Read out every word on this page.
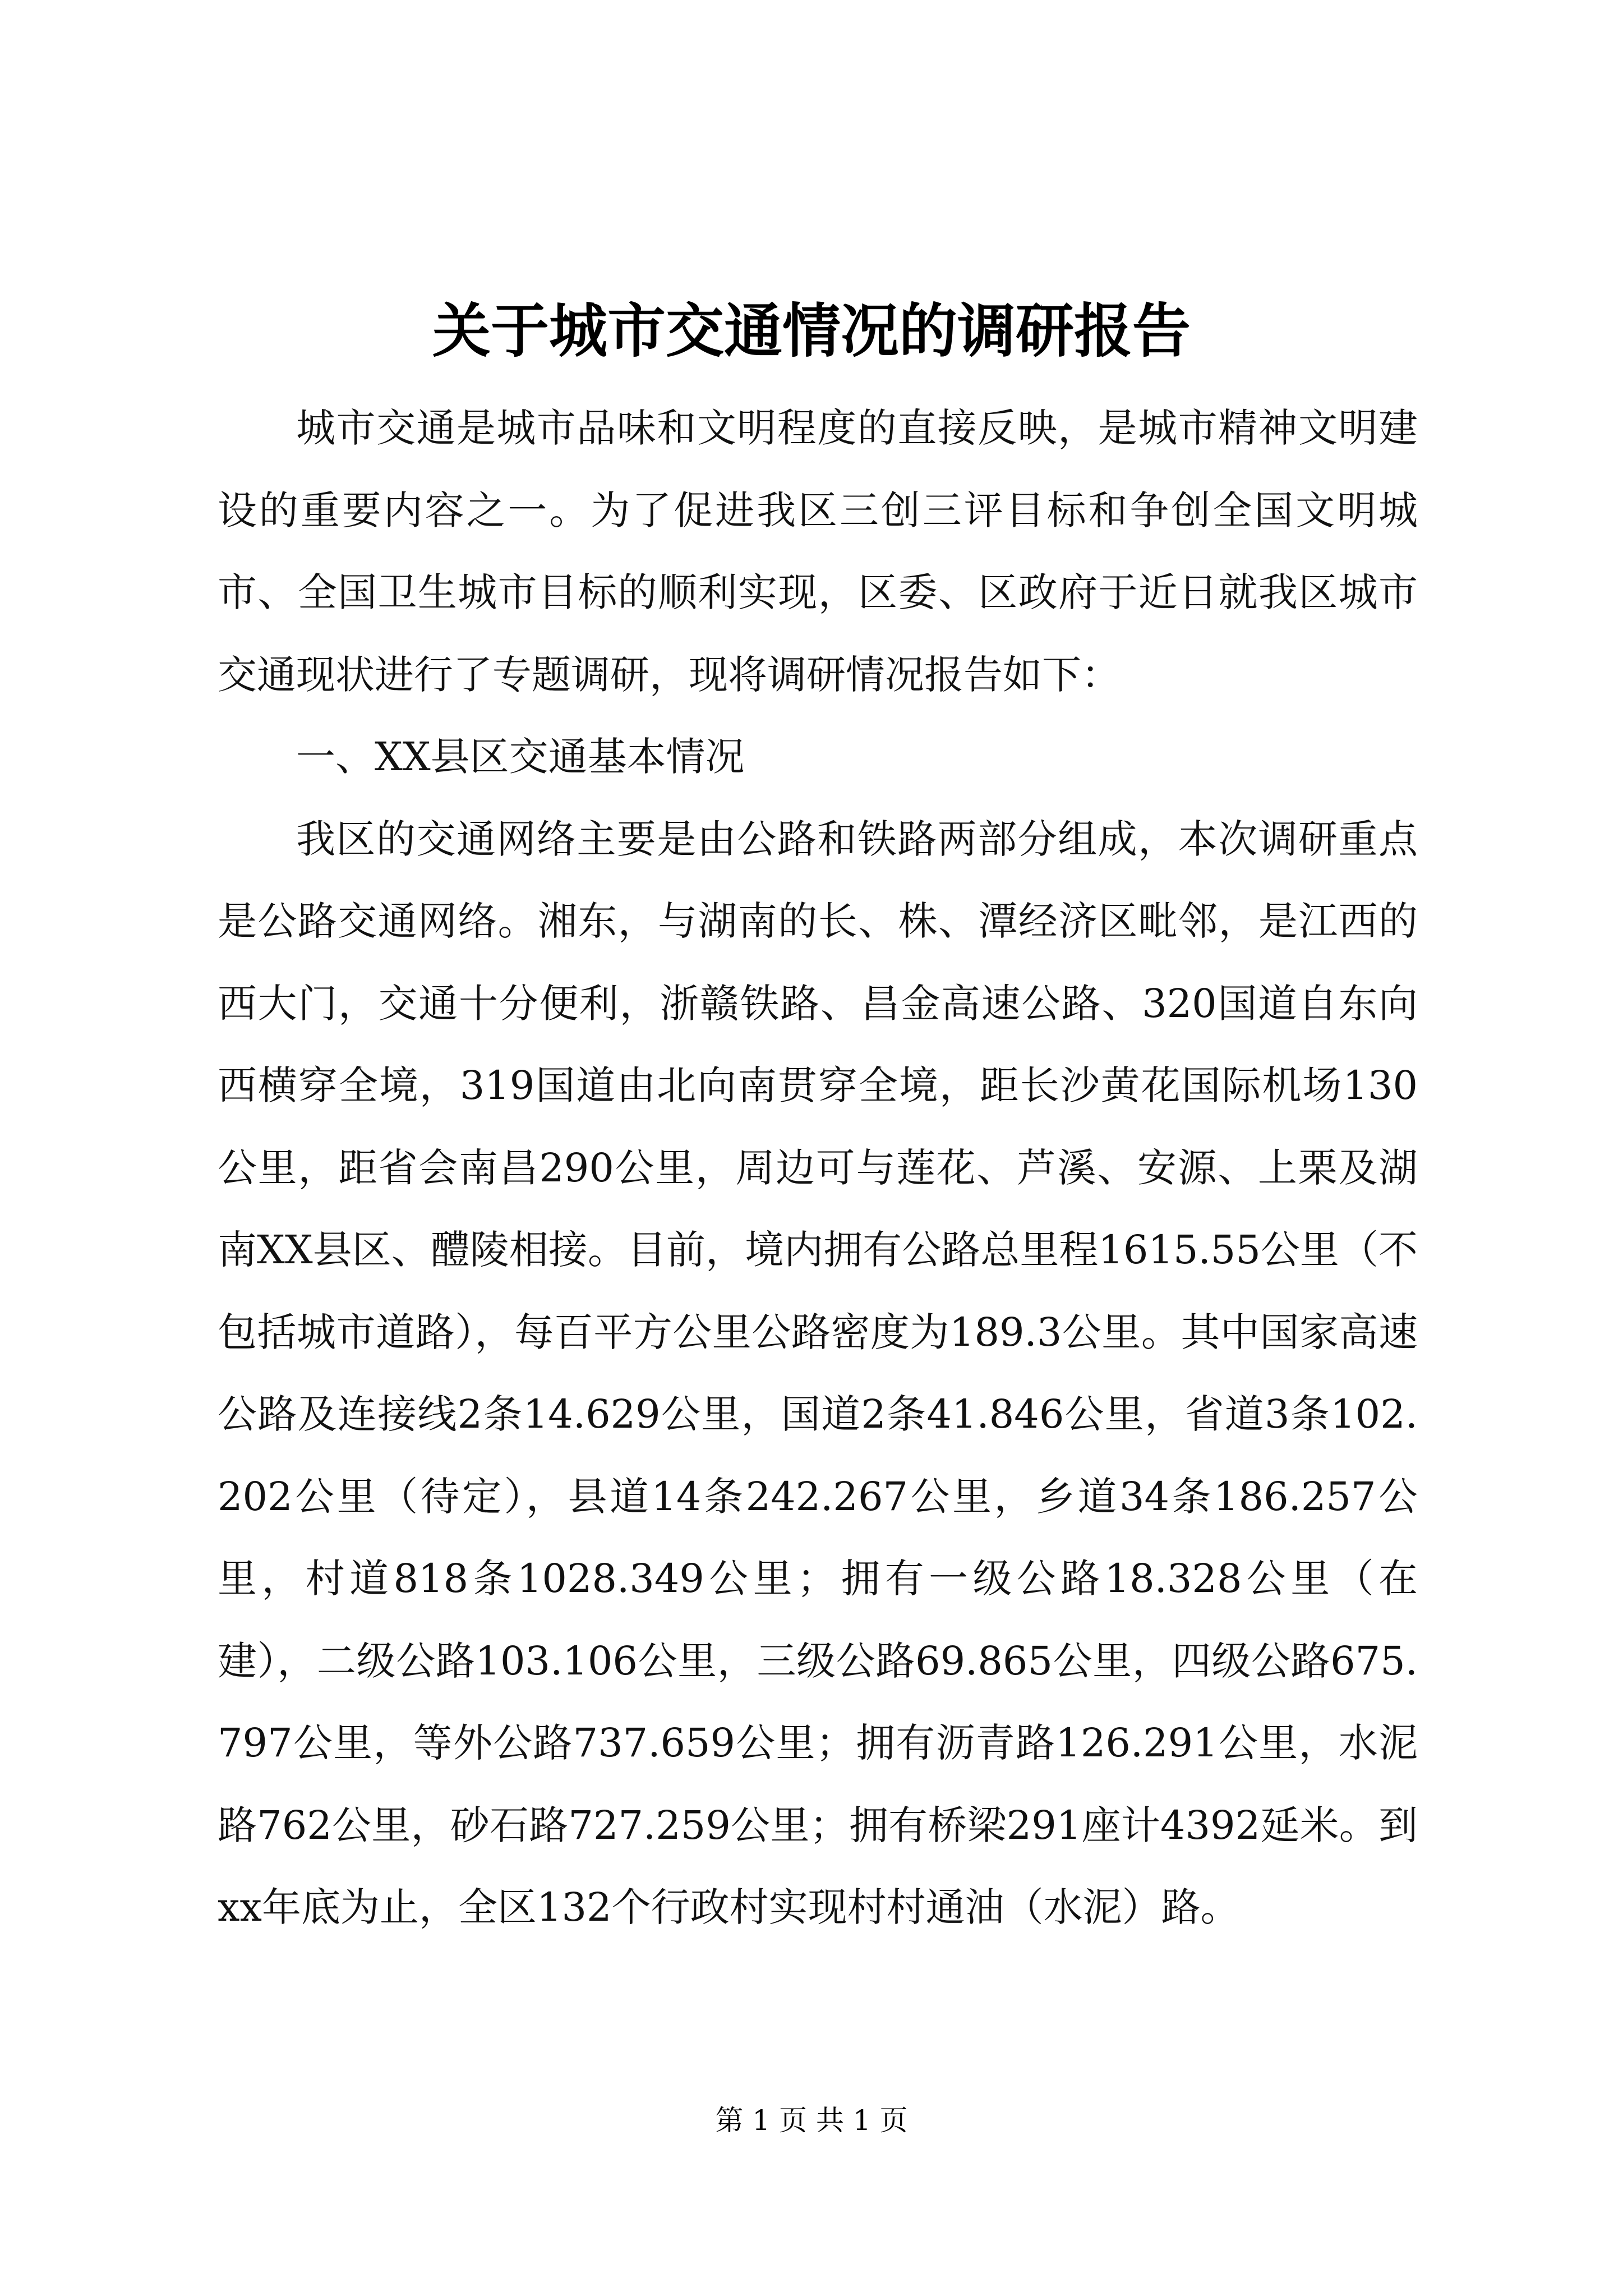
关于城市交通情况的调研报告

城市交通是城市品味和文明程度的直接反映，是城市精神文明建设的重要内容之一。为了促进我区三创三评目标和争创全国文明城市、全国卫生城市目标的顺利实现，区委、区政府于近日就我区城市交通现状进行了专题调研，现将调研情况报告如下：

一、XX县区交通基本情况

我区的交通网络主要是由公路和铁路两部分组成，本次调研重点是公路交通网络。湘东，与湖南的长、株、潭经济区毗邻，是江西的西大门，交通十分便利，浙赣铁路、昌金高速公路、320国道自东向西横穿全境，319国道由北向南贯穿全境，距长沙黄花国际机场130公里，距省会南昌290公里，周边可与莲花、芦溪、安源、上栗及湖南XX县区、醴陵相接。目前，境内拥有公路总里程1615.55公里（不包括城市道路），每百平方公里公路密度为189.3公里。其中国家高速公路及连接线2条14.629公里，国道2条41.846公里，省道3条102.202公里（待定），县道14条242.267公里，乡道34条186.257公里，村道818条1028.349公里；拥有一级公路18.328公里（在建），二级公路103.106公里，三级公路69.865公里，四级公路675.797公里，等外公路737.659公里；拥有沥青路126.291公里，水泥路762公里，砂石路727.259公里；拥有桥梁291座计4392延米。到xx年底为止，全区132个行政村实现村村通油（水泥）路。

第 1 页 共 1 页
